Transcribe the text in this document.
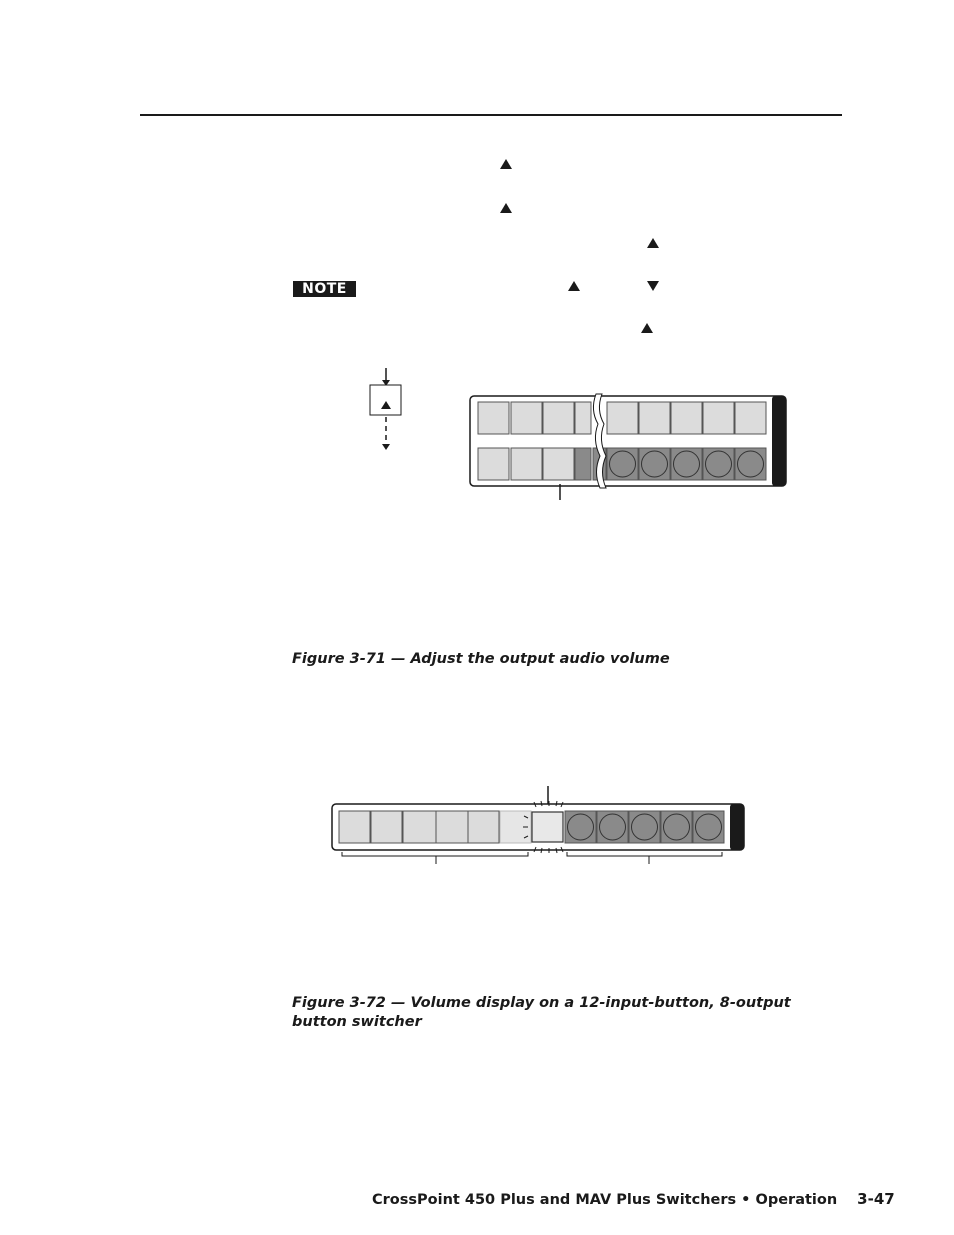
NOTE
Figure 3-71 — Adjust the output audio volume
Figure 3-72 — Volume display on a 12-input-button, 8-output button switcher
CrossPoint 450 Plus and MAV Plus Switchers • Operation 3-47
